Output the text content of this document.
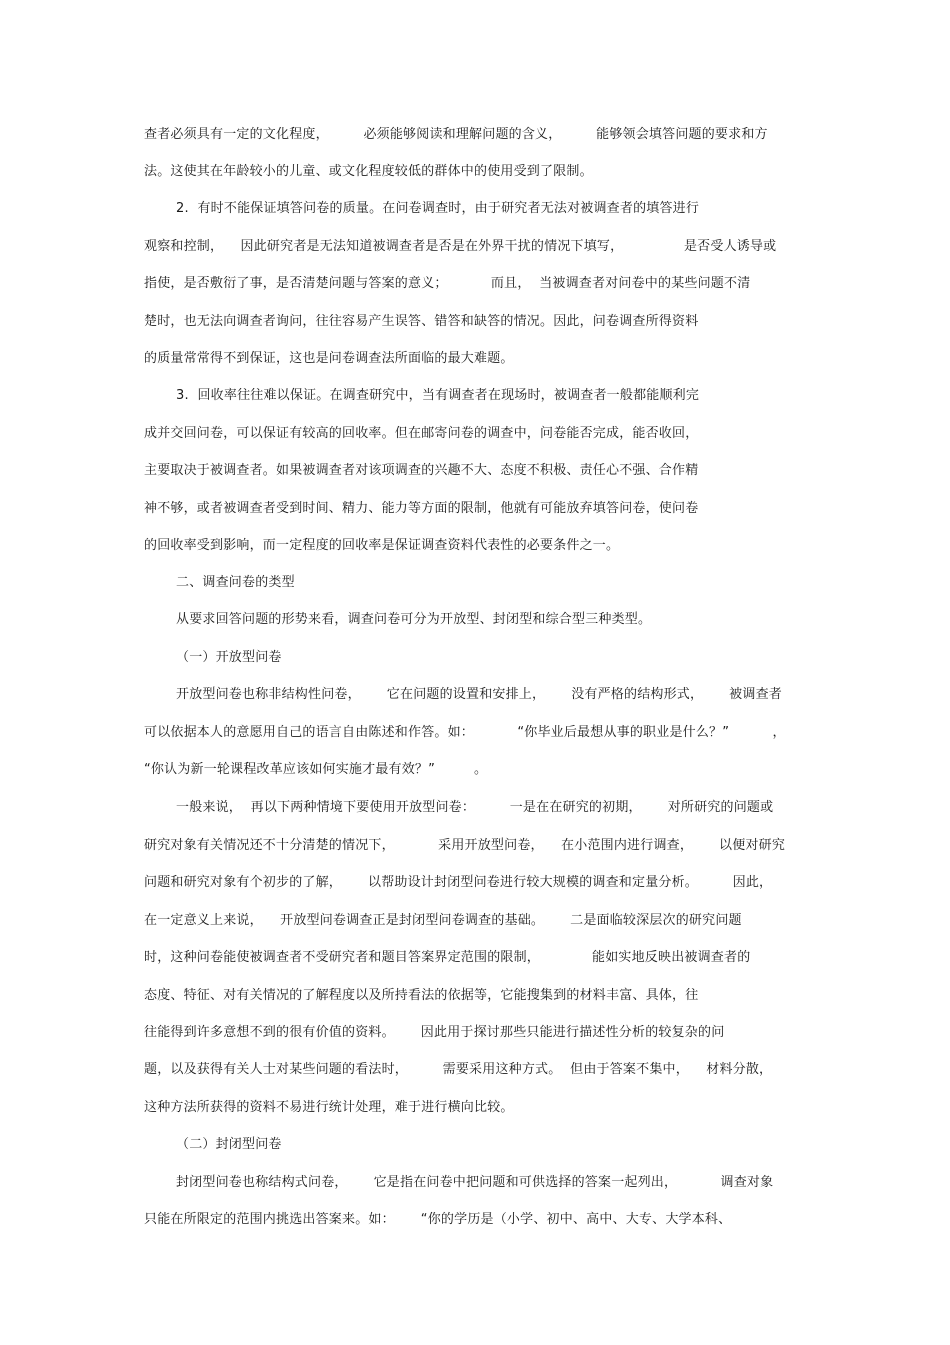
查者必须具有一定的文化程度，        必须能够阅读和理解问题的含义，        能够领会填答问题的要求和方
法。这使其在年龄较小的儿童、或文化程度较低的群体中的使用受到了限制。
2.  有时不能保证填答问卷的质量。在问卷调查时，由于研究者无法对被调查者的填答进行
观察和控制，    因此研究者是无法知道被调查者是否是在外界干扰的情况下填写，              是否受人诱导或
指使，是否敷衍了事，是否清楚问题与答案的意义；          而且，  当被调查者对问卷中的某些问题不清
楚时，也无法向调查者询问，往往容易产生误答、错答和缺答的情况。因此，问卷调查所得资料
的质量常常得不到保证，这也是问卷调查法所面临的最大难题。
3.  回收率往往难以保证。在调查研究中，当有调查者在现场时，被调查者一般都能顺利完
成并交回问卷，可以保证有较高的回收率。但在邮寄问卷的调查中，问卷能否完成，能否收回，
主要取决于被调查者。如果被调查者对该项调查的兴趣不大、态度不积极、责任心不强、合作精
神不够，或者被调查者受到时间、精力、能力等方面的限制，他就有可能放弃填答问卷，使问卷
的回收率受到影响，而一定程度的回收率是保证调查资料代表性的必要条件之一。
二、调查问卷的类型
从要求回答问题的形势来看，调查问卷可分为开放型、封闭型和综合型三种类型。
（一）开放型问卷
开放型问卷也称非结构性问卷，      它在问题的设置和安排上，      没有严格的结构形式，      被调查者
可以依据本人的意愿用自己的语言自由陈述和作答。如：          “你毕业后最想从事的职业是什么？”          ，
“你认为新一轮课程改革应该如何实施才最有效？”         。
一般来说，  再以下两种情境下要使用开放型问卷：        一是在在研究的初期，      对所研究的问题或
研究对象有关情况还不十分清楚的情况下，          采用开放型问卷，    在小范围内进行调查，      以便对研究
问题和研究对象有个初步的了解，      以帮助设计封闭型问卷进行较大规模的调查和定量分析。        因此，
在一定意义上来说，    开放型问卷调查正是封闭型问卷调查的基础。      二是面临较深层次的研究问题
时，这种问卷能使被调查者不受研究者和题目答案界定范围的限制，            能如实地反映出被调查者的
态度、特征、对有关情况的了解程度以及所持看法的依据等，它能搜集到的材料丰富、具体，往
往能得到许多意想不到的很有价值的资料。      因此用于探讨那些只能进行描述性分析的较复杂的问
题，以及获得有关人士对某些问题的看法时，        需要采用这种方式。  但由于答案不集中，    材料分散，
这种方法所获得的资料不易进行统计处理，难于进行横向比较。
（二）封闭型问卷
封闭型问卷也称结构式问卷，      它是指在问卷中把问题和可供选择的答案一起列出，          调查对象
只能在所限定的范围内挑选出答案来。如：      “你的学历是（小学、初中、高中、大专、大学本科、
